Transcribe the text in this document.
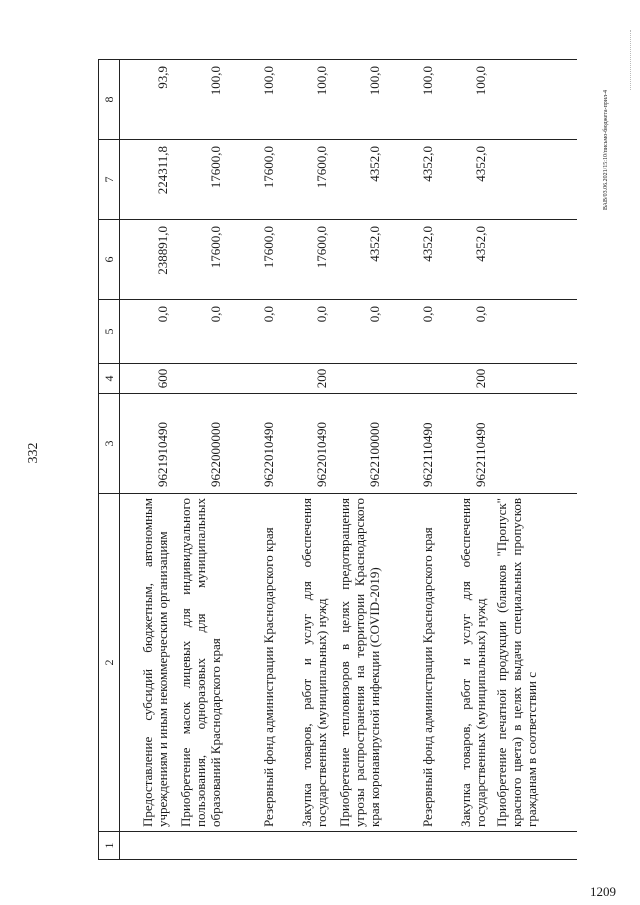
332
ВАВ/03.06.2021/15:10/письмо-бюджета-прил-4
1209
1	2	3	4	5	6	7	8
	Предоставление субсидий бюджетным, автономным учреждениям и иным некоммерческим организациям	9621910490	600	0,0	238891,0	224311,8	93,9
	Приобретение масок лицевых для индивидуального пользования, одноразовых для муниципальных образований Краснодарского края	9622000000		0,0	17600,0	17600,0	100,0
	Резервный фонд администрации Краснодарского края	9622010490		0,0	17600,0	17600,0	100,0
	Закупка товаров, работ и услуг для обеспечения государственных (муниципальных) нужд	9622010490	200	0,0	17600,0	17600,0	100,0
	Приобретение тепловизоров в целях предотвращения угрозы распространения на территории Краснодарского края коронавирусной инфекции (COVID-2019)	9622100000		0,0	4352,0	4352,0	100,0
	Резервный фонд администрации Краснодарского края	9622110490		0,0	4352,0	4352,0	100,0
	Закупка товаров, работ и услуг для обеспечения государственных (муниципальных) нужд	9622110490	200	0,0	4352,0	4352,0	100,0
	Приобретение печатной продукции (бланков "Пропуск" красного цвета) в целях выдачи специальных пропусков гражданам в соответствии с						
